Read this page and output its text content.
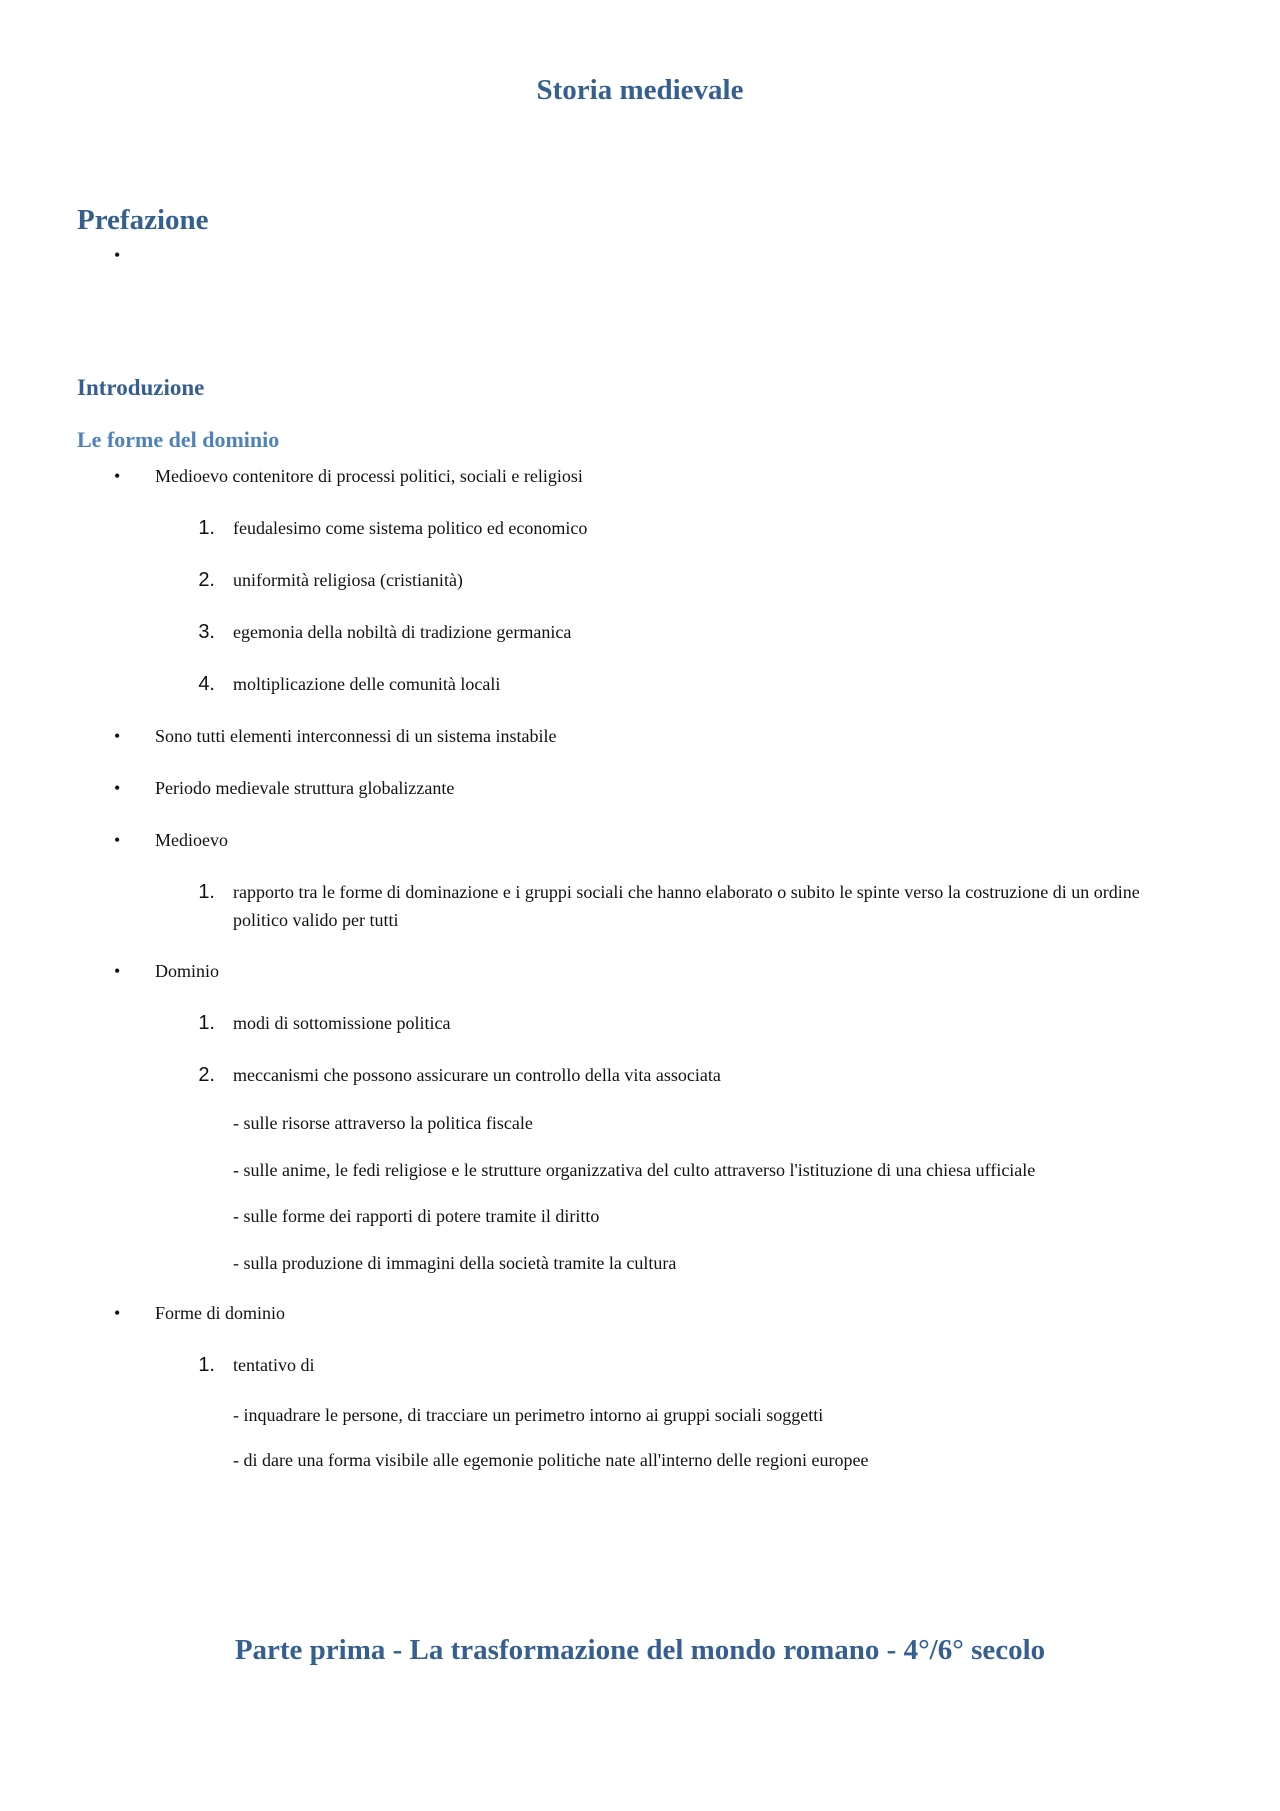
Storia medievale
Prefazione
•
Introduzione
Le forme del dominio
• Medioevo contenitore di processi politici, sociali e religiosi
1. feudalesimo come sistema politico ed economico
2. uniformità religiosa (cristianità)
3. egemonia della nobiltà di tradizione germanica
4. moltiplicazione delle comunità locali
• Sono tutti elementi interconnessi di un sistema instabile
• Periodo medievale struttura globalizzante
• Medioevo
1. rapporto tra le forme di dominazione e i gruppi sociali che hanno elaborato o subito le spinte verso la costruzione di un ordine politico valido per tutti
• Dominio
1. modi di sottomissione politica
2. meccanismi che possono assicurare un controllo della vita associata
- sulle risorse attraverso la politica fiscale
- sulle anime, le fedi religiose e le strutture organizzativa del culto attraverso l'istituzione di una chiesa ufficiale
- sulle forme dei rapporti di potere tramite il diritto
- sulla produzione di immagini della società tramite la cultura
• Forme di dominio
1. tentativo di
- inquadrare le persone, di tracciare un perimetro intorno ai gruppi sociali soggetti
- di dare una forma visibile alle egemonie politiche nate all'interno delle regioni europee
Parte prima - La trasformazione del mondo romano - 4°/6° secolo
